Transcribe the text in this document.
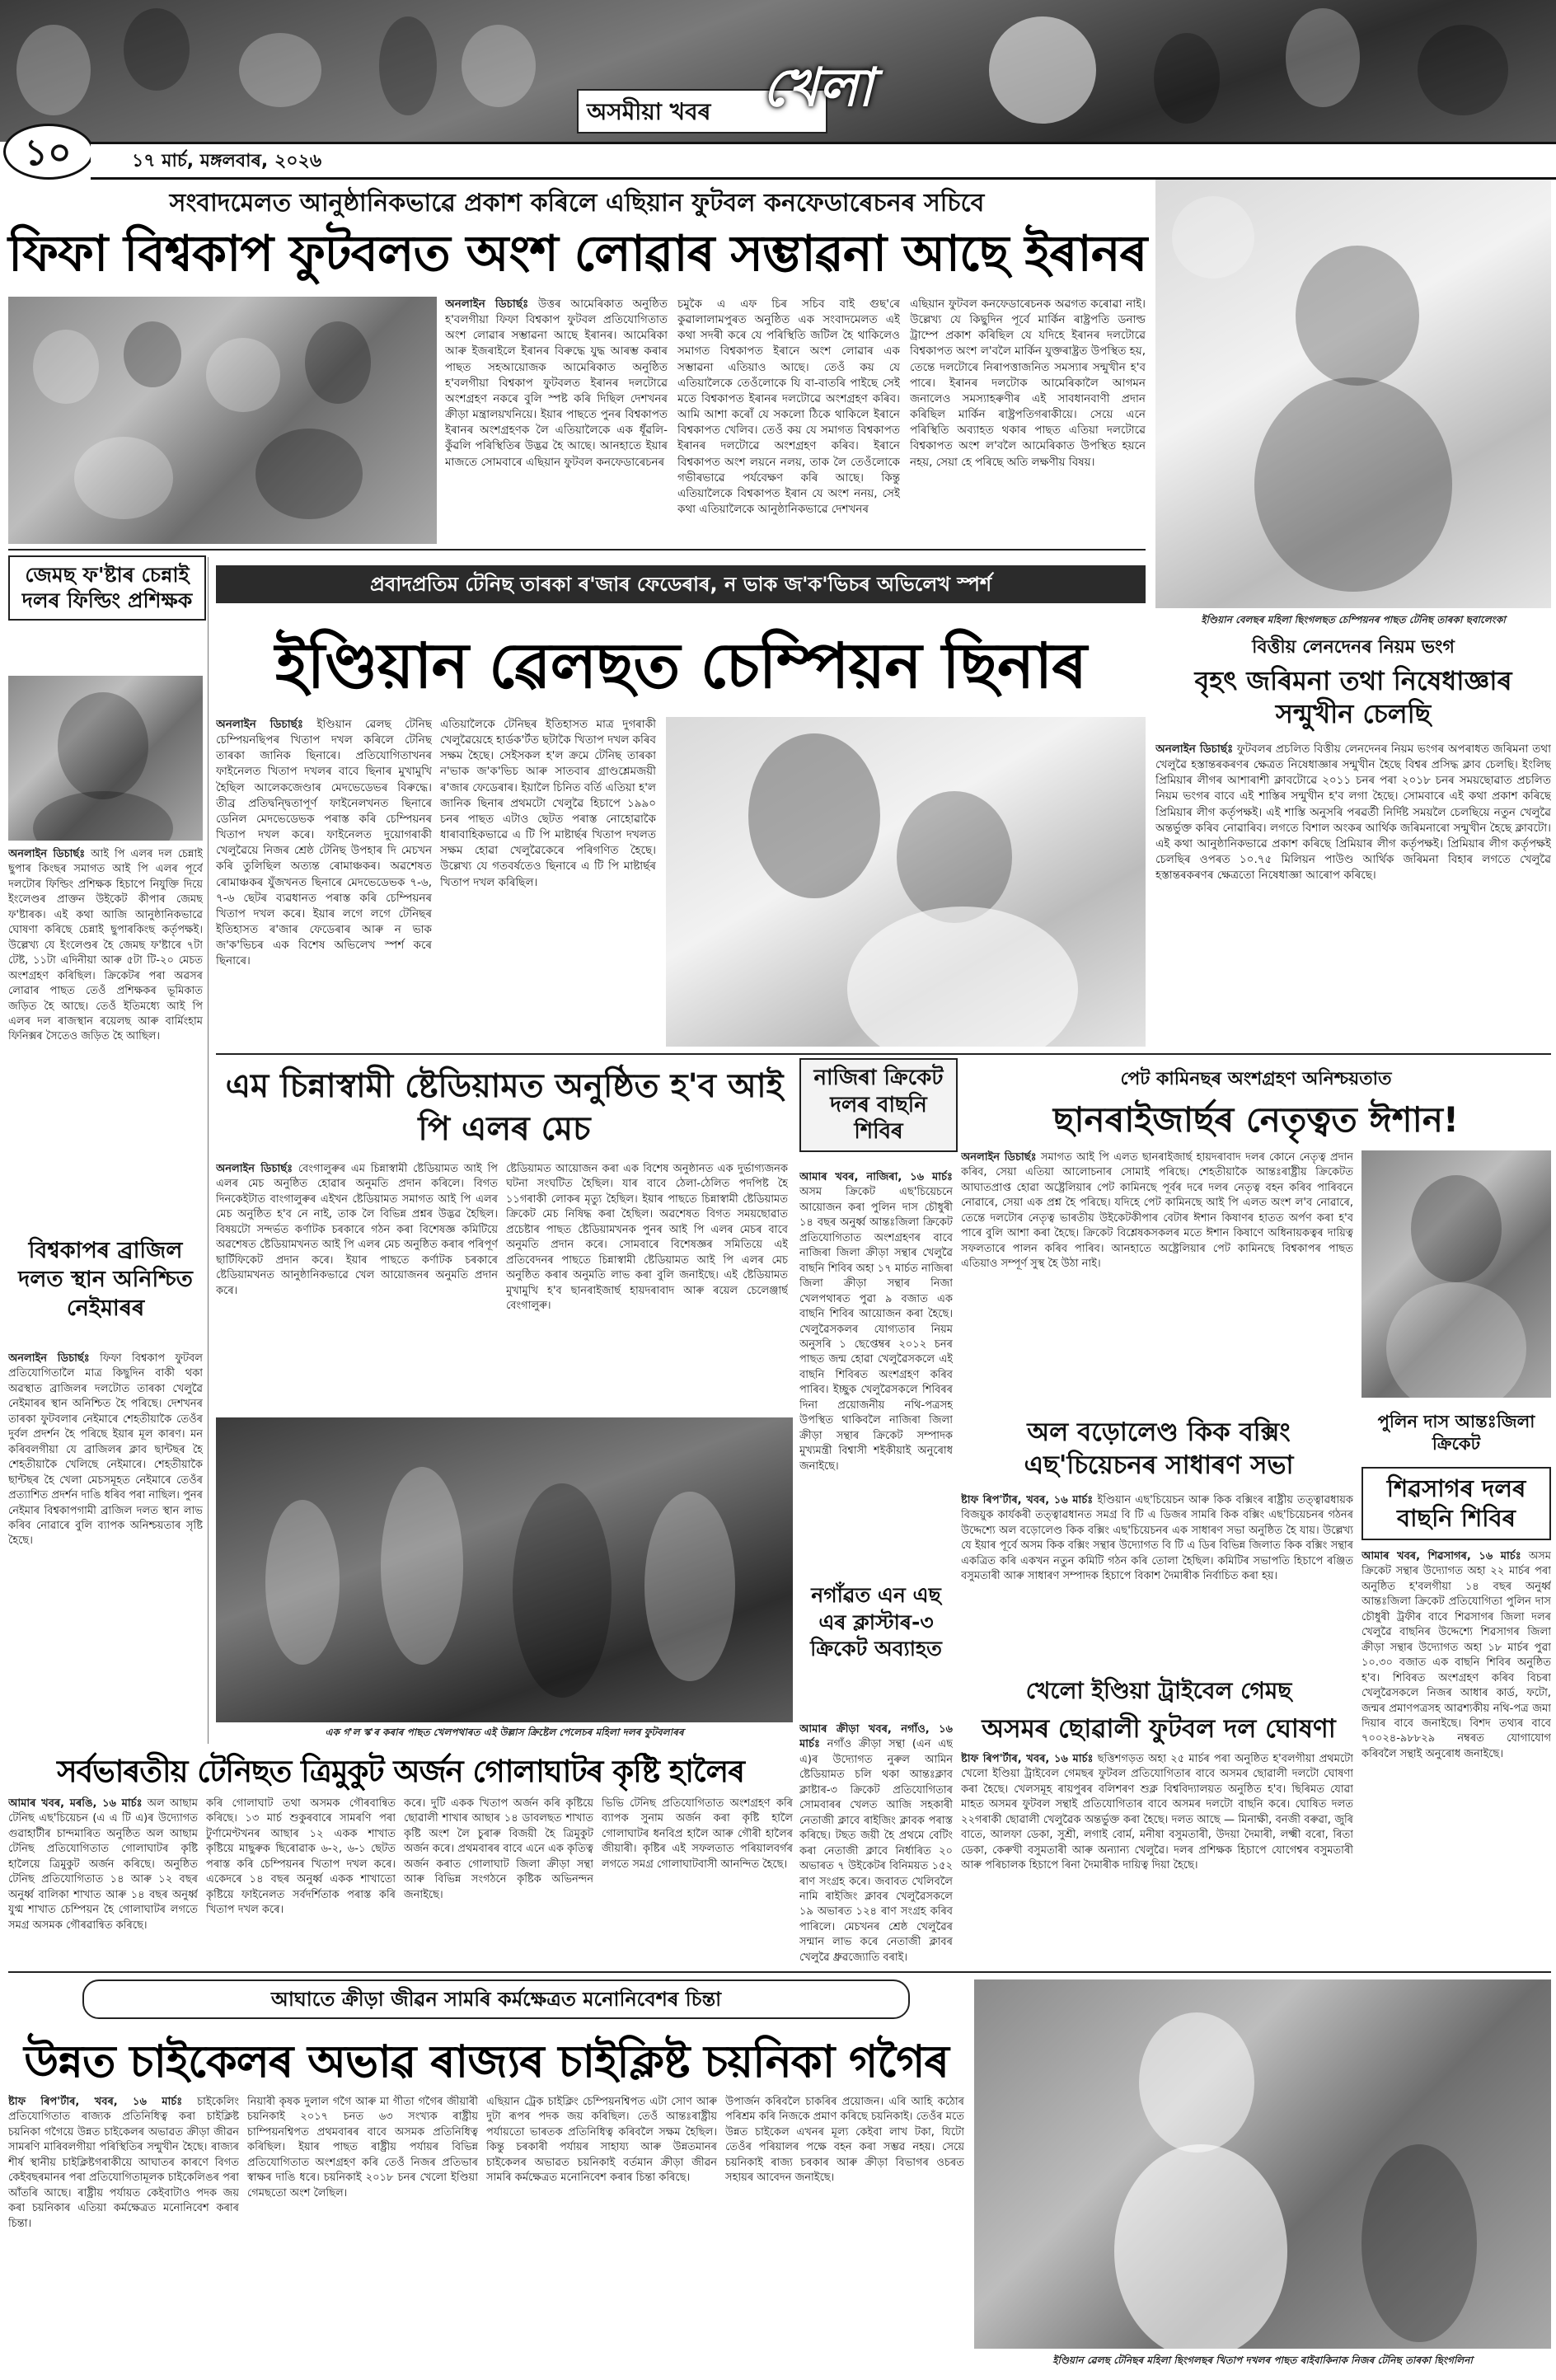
অসমীয়া খবৰ খেলা
১০	১৭ মাৰ্চ, মঙ্গলবাৰ, ২০২৬
সংবাদমেলত আনুষ্ঠানিকভাৱে প্ৰকাশ কৰিলে এছিয়ান ফুটবল কনফেডাৰেচনৰ সচিবে
ফিফা বিশ্বকাপ ফুটবলত অংশ লোৱাৰ সম্ভাৱনা আছে ইৰানৰ

অনলাইন ডিচাৰ্ছঃ উত্তৰ আমেৰিকাত অনুষ্ঠিত হ'বলগীয়া ফিফা বিশ্বকাপ ফুটবল প্ৰতিযোগিতাত অংশ লোৱাৰ সম্ভাৱনা আছে ইৰানৰ। আমেৰিকা আৰু ইজৰাইলে ইৰানৰ বিৰুদ্ধে যুদ্ধ আৰম্ভ কৰাৰ পাছত সহআয়োজক আমেৰিকাত অনুষ্ঠিত হ'বলগীয়া বিশ্বকাপ ফুটবলত ইৰানৰ দলটোৱে অংশগ্ৰহণ নকৰে বুলি স্পষ্ট কৰি দিছিল দেশখনৰ ক্ৰীড়া মন্ত্ৰালয়খনিয়ে। ইয়াৰ পাছতে পুনৰ বিশ্বকাপত ইৰানৰ অংশগ্ৰহণক লৈ এতিয়ালৈকে এক ধূঁৱলি-কুঁৱলি পৰিস্থিতিৰ উদ্ভৱ হৈ আছে। আনহাতে ইয়াৰ মাজতে সোমবাৰে এছিয়ান ফুটবল কনফেডাৰেচনৰ

চমুকৈ এ এফ চিৰ সচিব বাই গুছ'ৰে কুৱালালামপুৰত অনুষ্ঠিত এক সংবাদমেলত এই কথা সদৰী কৰে যে পৰিস্থিতি জটিল হৈ থাকিলেও সমাগত বিশ্বকাপত ইৰানে অংশ লোৱাৰ এক সম্ভাৱনা এতিয়াও আছে। তেওঁ কয় যে এতিয়ালৈকে তেওঁলোকে যি বা-বাতৰি পাইছে সেই মতে বিশ্বকাপত ইৰানৰ দলটোৱে অংশগ্ৰহণ কৰিব। আমি আশা কৰোঁ যে সকলো ঠিকে থাকিলে ইৰানে বিশ্বকাপত খেলিব। তেওঁ কয় যে সমাগত বিশ্বকাপত ইৰানৰ দলটোৱে অংশগ্ৰহণ কৰিব। ইৰানে বিশ্বকাপত অংশ লয়নে নলয়, তাক লৈ তেওঁলোকে গভীৰভাৱে পৰ্যবেক্ষণ কৰি আছে। কিন্তু এতিয়ালৈকে বিশ্বকাপত ইৰান যে অংশ ননয়, সেই কথা এতিয়ালৈকে আনুষ্ঠানিকভাৱে দেশখনৰ

এছিয়ান ফুটবল কনফেডাৰেচনক অৱগত কৰোৱা নাই। উল্লেখ্য যে কিছুদিন পূৰ্বে মাৰ্কিন ৰাষ্ট্ৰপতি ডনাল্ড ট্ৰাম্পে প্ৰকাশ কৰিছিল যে যদিহে ইৰানৰ দলটোৱে বিশ্বকাপত অংশ ল'বলৈ মাৰ্কিন যুক্তৰাষ্ট্ৰত উপস্থিত হয়, তেন্তে দলটোৰে নিৰাপত্তাজনিত সমস্যাৰ সন্মুখীন হ'ব পাৰে। ইৰানৰ দলটোক আমেৰিকালৈ আগমন জনালেও সমস্যাহৰুণীৰ এই সাবধানবাণী প্ৰদান কৰিছিল মাৰ্কিন ৰাষ্ট্ৰপতিগৰাকীয়ে। সেয়ে এনে পৰিস্থিতি অব্যাহত থকাৰ পাছত এতিয়া দলটোৱে বিশ্বকাপত অংশ ল'বলৈ আমেৰিকাত উপস্থিত হয়নে নহয়, সেয়া হে পৰিছে অতি লক্ষণীয় বিষয়।

ইণ্ডিয়ান বেলছৰ মহিলা ছিংগলছত চেম্পিয়নৰ পাছত টেনিছ তাৰকা ছবালেংকা
জেমছ ফ'ষ্টাৰ চেন্নাই দলৰ ফিল্ডিং প্ৰশিক্ষক

অনলাইন ডিচাৰ্ছঃ আই পি এলৰ দল চেন্নাই ছুপাৰ কিংছৰ সমাগত আই পি এলৰ পূৰ্বে দলটোৰ ফিল্ডিং প্ৰশিক্ষক হিচাপে নিযুক্তি দিয়ে ইংলেণ্ডৰ প্ৰাক্তন উইকেট কীপাৰ জেমছ ফ'ষ্টাৰক। এই কথা আজি আনুষ্ঠানিকভাৱে ঘোষণা কৰিছে চেন্নাই ছুপাৰকিংছ কৰ্তৃপক্ষই। উল্লেখ্য যে ইংলেণ্ডৰ হৈ জেমছ ফ'ষ্টাৰে ৭টা টেষ্ট, ১১টা এদিনীয়া আৰু ৫টা টি-২০ মেচত অংশগ্ৰহণ কৰিছিল। ক্ৰিকেটৰ পৰা অৱসৰ লোৱাৰ পাছত তেওঁ প্ৰশিক্ষকৰ ভূমিকাত জড়িত হৈ আছে। তেওঁ ইতিমধ্যে আই পি এলৰ দল ৰাজস্থান ৰয়েলছ আৰু বাৰ্মিংহাম ফিনিক্সৰ সৈতেও জড়িত হৈ আছিল।

বিশ্বকাপৰ ব্ৰাজিল দলত স্থান অনিশ্চিত নেইমাৰৰ

অনলাইন ডিচাৰ্ছঃ ফিফা বিশ্বকাপ ফুটবল প্ৰতিযোগিতালৈ মাত্ৰ কিছুদিন বাকী থকা অৱস্থাত ব্ৰাজিলৰ দলটোত তাৰকা খেলুৱৈ নেইমাৰৰ স্থান অনিশ্চিত হৈ পৰিছে। দেশখনৰ তাৰকা ফুটবলাৰ নেইমাৰে শেহতীয়াকৈ তেওঁৰ দুৰ্বল প্ৰদৰ্শন হৈ পৰিছে ইয়াৰ মূল কাৰণ। মন কৰিবলগীয়া যে ব্ৰাজিলৰ ক্লাব ছান্টছৰ হৈ শেহতীয়াকৈ খেলিছে নেইমাৰে। শেহতীয়াকৈ ছান্টছৰ হৈ খেলা মেচসমূহত নেইমাৰে তেওঁৰ প্ৰত্যাশিত প্ৰদৰ্শন দাঙি ধৰিব পৰা নাছিল। পুনৰ নেইমাৰ বিশ্বকাপগামী ব্ৰাজিল দলত স্থান লাভ কৰিব নোৱাৰে বুলি ব্যাপক অনিশ্চয়তাৰ সৃষ্টি হৈছে।

প্ৰবাদপ্ৰতিম টেনিছ তাৰকা ৰ'জাৰ ফেডেৰাৰ, ন ভাক জ'ক'ভিচৰ অভিলেখ স্পৰ্শ
ইণ্ডিয়ান ৱেলছত চেম্পিয়ন ছিনাৰ

অনলাইন ডিচাৰ্ছঃ ইণ্ডিয়ান ৱেলছ টেনিছ চেম্পিয়নছিপৰ খিতাপ দখল কৰিলে টেনিছ তাৰকা জানিক ছিনাৰে। প্ৰতিযোগিতাখনৰ ফাইনেলত খিতাপ দখলৰ বাবে ছিনাৰ মুখামুখি হৈছিল আলেকজেণ্ডাৰ মেদভেডেভৰ বিৰুদ্ধে। তীব্ৰ প্ৰতিদ্বন্দ্বিতাপূৰ্ণ ফাইনেলখনত ছিনাৰে ডেনিল মেদভেডেভক পৰাস্ত কৰি চেম্পিয়নৰ খিতাপ দখল কৰে। ফাইনেলত দুয়োগৰাকী খেলুৱৈয়ে নিজৰ শ্ৰেষ্ঠ টেনিছ উপহাৰ দি মেচখন কৰি তুলিছিল অত্যন্ত ৰোমাঞ্চকৰ। অৱশেষত ৰোমাঞ্চকৰ যুঁজখনত ছিনাৰে মেদভেডেভক ৭-৬, ৭-৬ ছেটৰ ব্যৱধানত পৰাস্ত কৰি চেম্পিয়নৰ খিতাপ দখল কৰে। ইয়াৰ লগে লগে টেনিছৰ ইতিহাসত ৰ'জাৰ ফেডেৰাৰ আৰু ন ভাক জ'ক'ভিচৰ এক বিশেষ অভিলেখ স্পৰ্শ কৰে ছিনাৰে।

এতিয়ালৈকে টেনিছৰ ইতিহাসত মাত্ৰ দুগৰাকী খেলুৱৈয়েহে হাৰ্ডক'ৰ্টত ছটাকৈ খিতাপ দখল কৰিব সক্ষম হৈছে। সেইসকল হ'ল ক্ৰমে টেনিছ তাৰকা ন'ভাক জ'ক'ভিচ আৰু সাতবাৰ গ্ৰাণ্ডশ্লেমজয়ী ৰ'জাৰ ফেডেৰাৰ। ইয়ালৈ চিনিত বৰ্তি এতিয়া হ'ল জানিক ছিনাৰ প্ৰথমটো খেলুৱৈ হিচাপে ১৯৯০ চনৰ পাছত এটাও ছেটত পৰাস্ত নোহোৱাকৈ ধাৰাবাহিকভাৱে এ টি পি মাষ্টাৰ্ছৰ খিতাপ দখলত সক্ষম হোৱা খেলুৱৈকেৰে পৰিগণিত হৈছে। উল্লেখ্য যে গতবৰ্ষতেও ছিনাৰে এ টি পি মাষ্টাৰ্ছৰ খিতাপ দখল কৰিছিল।

বিত্তীয় লেনদেনৰ নিয়ম ভংগ
বৃহৎ জৰিমনা তথা নিষেধাজ্ঞাৰ সন্মুখীন চেলছি

অনলাইন ডিচাৰ্ছঃ ফুটবলৰ প্ৰচলিত বিত্তীয় লেনদেনৰ নিয়ম ভংগৰ অপৰাধত জৰিমনা তথা খেলুৱৈ হস্তান্তৰকৰণৰ ক্ষেত্ৰত নিষেধাজ্ঞাৰ সন্মুখীন হৈছে বিশ্বৰ প্ৰসিদ্ধ ক্লাব চেলছি। ইংলিছ প্ৰিমিয়াৰ লীগৰ আশাৰাশী ক্লাবটোৱে ২০১১ চনৰ পৰা ২০১৮ চনৰ সময়ছোৱাত প্ৰচলিত নিয়ম ভংগৰ বাবে এই শাস্তিৰ সন্মুখীন হ'ব লগা হৈছে। সোমবাৰে এই কথা প্ৰকাশ কৰিছে প্ৰিমিয়াৰ লীগ কৰ্তৃপক্ষই। এই শাস্তি অনুসৰি পৰৱৰ্তী নিৰ্দিষ্ট সময়লৈ চেলছিয়ে নতুন খেলুৱৈ অন্তৰ্ভুক্ত কৰিব নোৱাৰিব। লগতে বিশাল অংকৰ আৰ্থিক জৰিমনাৰো সন্মুখীন হৈছে ক্লাবটো। এই কথা আনুষ্ঠানিকভাৱে প্ৰকাশ কৰিছে প্ৰিমিয়াৰ লীগ কৰ্তৃপক্ষই। প্ৰিমিয়াৰ লীগ কৰ্তৃপক্ষই চেলছিৰ ওপৰত ১০.৭৫ মিলিয়ন পাউণ্ড আৰ্থিক জৰিমনা বিহাৰ লগতে খেলুৱৈ হস্তান্তৰকৰণৰ ক্ষেত্ৰতো নিষেধাজ্ঞা আৰোপ কৰিছে।

এম চিন্নাস্বামী ষ্টেডিয়ামত অনুষ্ঠিত হ'ব আই পি এলৰ মেচ

অনলাইন ডিচাৰ্ছঃ বেংগালুৰুৰ এম চিন্নাস্বামী ষ্টেডিয়ামত আই পি এলৰ মেচ অনুষ্ঠিত হোৱাৰ অনুমতি প্ৰদান কৰিলে। বিগত দিনকেইটাত বাংগালুৰুৰ এইখন ষ্টেডিয়ামত সমাগত আই পি এলৰ মেচ অনুষ্ঠিত হ'ব নে নাই, তাক লৈ বিভিন্ন প্ৰশ্নৰ উদ্ভৱ হৈছিল। বিষয়টো সন্দৰ্ভত কৰ্ণাটক চৰকাৰে গঠন কৰা বিশেষজ্ঞ কমিটিয়ে অৱশেষত ষ্টেডিয়ামখনত আই পি এলৰ মেচ অনুষ্ঠিত কৰাৰ পৰিপূৰ্ণ ছাৰ্টিফিকেট প্ৰদান কৰে। ইয়াৰ পাছতে কৰ্ণাটক চৰকাৰে ষ্টেডিয়ামখনত আনুষ্ঠানিকভাৱে খেল আয়োজনৰ অনুমতি প্ৰদান কৰে।

ষ্টেডিয়ামত আয়োজন কৰা এক বিশেষ অনুষ্ঠানত এক দুৰ্ভাগ্যজনক ঘটনা সংঘটিত হৈছিল। যাৰ বাবে ঠেলা-ঠেলিত পদপিষ্ট হৈ ১১গৰাকী লোকৰ মৃত্যু হৈছিল। ইয়াৰ পাছতে চিন্নাস্বামী ষ্টেডিয়ামত ক্ৰিকেট মেচ নিষিদ্ধ কৰা হৈছিল। অৱশেষত বিগত সময়ছোৱাত প্ৰচেষ্টাৰ পাছত ষ্টেডিয়ামখনক পুনৰ আই পি এলৰ মেচৰ বাবে অনুমতি প্ৰদান কৰে। সোমবাৰে বিশেষজ্ঞৰ সমিতিয়ে এই প্ৰতিবেদনৰ পাছতে চিন্নাস্বামী ষ্টেডিয়ামত আই পি এলৰ মেচ অনুষ্ঠিত কৰাৰ অনুমতি লাভ কৰা বুলি জনাইছে। এই ষ্টেডিয়ামত মুখামুখি হ'ব ছানৰাইজাৰ্ছ হায়দৰাবাদ আৰু ৰয়েল চেলেঞ্জাৰ্ছ বেংগালুৰু।

নাজিৰা ক্ৰিকেট দলৰ বাছনি শিবিৰ

আমাৰ খবৰ, নাজিৰা, ১৬ মাৰ্চঃ অসম ক্ৰিকেট এছ'চিয়েচনে আয়োজন কৰা পুলিন দাস চৌধুৰী ১৪ বছৰ অনুৰ্ধ্ব আন্তঃজিলা ক্ৰিকেট প্ৰতিযোগিতাত অংশগ্ৰহণৰ বাবে নাজিৰা জিলা ক্ৰীড়া সন্থাৰ খেলুৱৈ বাছনি শিবিৰ অহা ১৭ মাৰ্চত নাজিৰা জিলা ক্ৰীড়া সন্থাৰ নিজা খেলপথাৰত পুৱা ৯ বজাত এক বাছনি শিবিৰ আয়োজন কৰা হৈছে। খেলুৱৈসকলৰ যোগ্যতাৰ নিয়ম অনুসৰি ১ ছেপ্তেম্বৰ ২০১২ চনৰ পাছত জন্ম হোৱা খেলুৱৈসকলে এই বাছনি শিবিৰত অংশগ্ৰহণ কৰিব পাৰিব। ইচ্ছুক খেলুৱৈসকলে শিবিৰৰ দিনা প্ৰয়োজনীয় নথি-পত্ৰসহ উপস্থিত থাকিবলৈ নাজিৰা জিলা ক্ৰীড়া সন্থাৰ ক্ৰিকেট সম্পাদক মুখ্যমন্ত্ৰী বিশ্বাসী শইকীয়াই অনুৰোধ জনাইছে।

পেট কামিনছৰ অংশগ্ৰহণ অনিশ্চয়তাত
ছানৰাইজাৰ্ছৰ নেতৃত্বত ঈশান!

অনলাইন ডিচাৰ্ছঃ সমাগত আই পি এলত ছানৰাইজাৰ্ছ হায়দৰাবাদ দলৰ কোনে নেতৃত্ব প্ৰদান কৰিব, সেয়া এতিয়া আলোচনাৰ সোমাই পৰিছে। শেহতীয়াকৈ আন্তঃৰাষ্ট্ৰীয় ক্ৰিকেটত আঘাতপ্ৰাপ্ত হোৱা অষ্ট্ৰেলিয়াৰ পেট কামিনছে পূৰ্বৰ দৰে দলৰ নেতৃত্ব বহন কৰিব পাৰিবনে নোৱাৰে, সেয়া এক প্ৰশ্ন হৈ পৰিছে। যদিহে পেট কামিনছে আই পি এলত অংশ ল'ব নোৱাৰে, তেন্তে দলটোৰ নেতৃত্ব ভাৰতীয় উইকেটকীপাৰ বেটাৰ ঈশান কিষাণৰ হাতত অৰ্পণ কৰা হ'ব পাৰে বুলি আশা কৰা হৈছে। ক্ৰিকেট বিশ্লেষকসকলৰ মতে ঈশান কিষাণে অধিনায়কত্বৰ দায়িত্ব সফলতাৰে পালন কৰিব পাৰিব। আনহাতে অষ্ট্ৰেলিয়াৰ পেট কামিনছে বিশ্বকাপৰ পাছত এতিয়াও সম্পূৰ্ণ সুস্থ হৈ উঠা নাই।

এক গ'ল স্ক'ৰ কৰাৰ পাছত খেলপথাৰত এই উল্লাস ক্ৰিষ্টেল পেলেচৰ মহিলা দলৰ ফুটবলাৰৰ
নগাঁৱত এন এছ এৰ ক্লাস্টাৰ-৩ ক্ৰিকেট অব্যাহত

আমাৰ ক্ৰীড়া খবৰ, নগাঁও, ১৬ মাৰ্চঃ নগাঁও ক্ৰীড়া সন্থা (এন এছ এ)ৰ উদ্যোগত নুৰুল আমিন ষ্টেডিয়ামত চলি থকা আন্তঃক্লাব ক্লাষ্টাৰ-৩ ক্ৰিকেট প্ৰতিযোগিতাৰ সোমবাৰৰ খেলত আজি সহকাৰী নেতাজী ক্লাবে ৰাইজিং ক্লাবক পৰাস্ত কৰিছে। টছত জয়ী হৈ প্ৰথমে বেটিং কৰা নেতাজী ক্লাবে নিৰ্ধাৰিত ২০ অভাৰত ৭ উইকেটৰ বিনিময়ত ১৫২ ৰাণ সংগ্ৰহ কৰে। জবাবত খেলিবলৈ নামি ৰাইজিং ক্লাবৰ খেলুৱৈসকলে ১৯ অভাৰত ১২৪ ৰাণ সংগ্ৰহ কৰিব পাৰিলে। মেচখনৰ শ্ৰেষ্ঠ খেলুৱৈৰ সন্মান লাভ কৰে নেতাজী ক্লাবৰ খেলুৱৈ ধ্ৰুৱজ্যোতি বৰাই।

অল বড়োলেণ্ড কিক বক্সিং এছ'চিয়েচনৰ সাধাৰণ সভা

ষ্টাফ ৰিপ'ৰ্টাৰ, খবৰ, ১৬ মাৰ্চঃ ইণ্ডিয়ান এছ'চিয়েচন আৰু কিক বক্সিংৰ ৰাষ্ট্ৰীয় তত্ত্বাৱধায়ক বিজয়ুক কাৰ্যকৰী তত্ত্বাৱধানত সমগ্ৰ বি টি এ ডিজৰ সামৰি কিক বক্সিং এছ'চিয়েচনৰ গঠনৰ উদ্দেশ্যে অল বড়োলেণ্ড কিক বক্সিং এছ'চিয়েচনৰ এক সাধাৰণ সভা অনুষ্ঠিত হৈ যায়। উল্লেখ্য যে ইয়াৰ পূৰ্বে অসম কিক বক্সিং সন্থাৰ উদ্যোগত বি টি এ ডিৰ বিভিন্ন জিলাত কিক বক্সিং সন্থাৰ একত্ৰিত কৰি একখন নতুন কমিটি গঠন কৰি তোলা হৈছিল। কমিটিৰ সভাপতি হিচাপে ৰঞ্জিত বসুমতাৰী আৰু সাধাৰণ সম্পাদক হিচাপে বিকাশ দৈমাৰীক নিৰ্বাচিত কৰা হয়।

পুলিন দাস আন্তঃজিলা ক্ৰিকেট
শিৱসাগৰ দলৰ বাছনি শিবিৰ

আমাৰ খবৰ, শিৱসাগৰ, ১৬ মাৰ্চঃ অসম ক্ৰিকেট সন্থাৰ উদ্যোগত অহা ২২ মাৰ্চৰ পৰা অনুষ্ঠিত হ'বলগীয়া ১৪ বছৰ অনুৰ্ধ্ব আন্তঃজিলা ক্ৰিকেট প্ৰতিযোগিতা পুলিন দাস চৌধুৰী ট্ৰফীৰ বাবে শিৱসাগৰ জিলা দলৰ খেলুৱৈ বাছনিৰ উদ্দেশ্যে শিৱসাগৰ জিলা ক্ৰীড়া সন্থাৰ উদ্যোগত অহা ১৮ মাৰ্চৰ পুৱা ১০.৩০ বজাত এক বাছনি শিবিৰ অনুষ্ঠিত হ'ব। শিবিৰত অংশগ্ৰহণ কৰিব বিচৰা খেলুৱৈসকলে নিজৰ আধাৰ কাৰ্ড, ফটো, জন্মৰ প্ৰমাণপত্ৰসহ আৱশ্যকীয় নথি-পত্ৰ জমা দিয়াৰ বাবে জনাইছে। বিশদ তথ্যৰ বাবে ৭০০২৪-৯৮৮২৯ নম্বৰত যোগাযোগ কৰিবলৈ সন্থাই অনুৰোধ জনাইছে।

খেলো ইণ্ডিয়া ট্ৰাইবেল গেমছ
অসমৰ ছোৱালী ফুটবল দল ঘোষণা

ষ্টাফ ৰিপ'ৰ্টাৰ, খবৰ, ১৬ মাৰ্চঃ ছত্তিশগড়ত অহা ২৫ মাৰ্চৰ পৰা অনুষ্ঠিত হ'বলগীয়া প্ৰথমটো খেলো ইণ্ডিয়া ট্ৰাইবেল গেমছৰ ফুটবল প্ৰতিযোগিতাৰ বাবে অসমৰ ছোৱালী দলটো ঘোষণা কৰা হৈছে। খেলসমূহ ৰায়পুৰৰ বলিশৰণ শুক্ল বিশ্ববিদ্যালয়ত অনুষ্ঠিত হ'ব। ছিৰিমত যোৱা মাহত অসমৰ ফুটবল সন্থাই প্ৰতিযোগিতাৰ বাবে অসমৰ দলটো বাছনি কৰে। ঘোষিত দলত ২২গৰাকী ছোৱালী খেলুৱৈক অন্তৰ্ভুক্ত কৰা হৈছে। দলত আছে — মিনাক্ষী, বনজী বৰুৱা, জুৰি বাতে, আলফা ডেকা, সুশ্ৰী, লগাই বোৰ্ম, মনীষা বসুমতাৰী, উদয়া দৈমাৰী, লক্ষ্মী বৰো, ৰিতা ডেকা, কেৰুখী বসুমতাৰী আৰু অন্যান্য খেলুৱৈ। দলৰ প্ৰশিক্ষক হিচাপে যোগেশ্বৰ বসুমতাৰী আৰু পৰিচালক হিচাপে ৰিনা দৈমাৰীক দায়িত্ব দিয়া হৈছে।

সৰ্বভাৰতীয় টেনিছত ত্ৰিমুকুট অৰ্জন গোলাঘাটৰ কৃষ্টি হালৈৰ

আমাৰ খবৰ, মৰঙি, ১৬ মাৰ্চঃ অল আছাম টেনিছ এছ'চিয়েচন (এ এ টি এ)ৰ উদ্যোগত গুৱাহাটীৰ চান্দমাৰিত অনুষ্ঠিত অল আছাম টেনিছ প্ৰতিযোগিতাত গোলাঘাটৰ কৃষ্টি হালৈয়ে ত্ৰিমুকুট অৰ্জন কৰিছে। অনুষ্ঠিত টেনিছ প্ৰতিযোগিতাত ১৪ আৰু ১২ বছৰ অনুৰ্ধ্ব বালিকা শাখাত আৰু ১৪ বছৰ অনুৰ্ধ্ব যুগ্ম শাখাত চেম্পিয়ন হৈ গোলাঘাটৰ লগতে সমগ্ৰ অসমক গৌৰৱান্বিত কৰিছে।

কৰি গোলাঘাট তথা অসমক গৌৰবান্বিত কৰিছে। ১৩ মাৰ্চ শুকুৰবাৰে সামৰণি পৰা টুৰ্ণামেণ্টখনৰ আছাৰ ১২ একক শাখাত কৃষ্টিয়ে মাছুৰুক ছিৰোৱাক ৬-২, ৬-১ ছেটত পৰাস্ত কৰি চেম্পিয়নৰ খিতাপ দখল কৰে। একেদৰে ১৪ বছৰ অনুৰ্ধ্ব একক শাখাতো কৃষ্টিয়ে ফাইনেলত সৰ্বদৰ্শিতাক পৰাস্ত কৰি খিতাপ দখল কৰে।

কৰে। দুটি একক খিতাপ অৰ্জন কৰি কৃষ্টিয়ে ছোৱালী শাখাৰ আছাৰ ১৪ ডাবলছত শাখাত কৃষ্টি অংশ লৈ চুৰাৰু বিজয়ী হৈ ত্ৰিমুকুট অৰ্জন কৰে। প্ৰথমবাৰৰ বাবে এনে এক কৃতিত্ব অৰ্জন কৰাত গোলাঘাট জিলা ক্ৰীড়া সন্থা আৰু বিভিন্ন সংগঠনে কৃষ্টিক অভিনন্দন জনাইছে।

ভিভি টেনিছ প্ৰতিযোগিতাত অংশগ্ৰহণ কৰি ব্যাপক সুনাম অৰ্জন কৰা কৃষ্টি হালৈ গোলাঘাটৰ ধনবিপ্ৰ হালৈ আৰু গৌৰী হালৈৰ জীয়াৰী। কৃষ্টিৰ এই সফলতাত পৰিয়ালবৰ্গৰ লগতে সমগ্ৰ গোলাঘাটবাসী আনন্দিত হৈছে।

আঘাতে ক্ৰীড়া জীৱন সামৰি কৰ্মক্ষেত্ৰত মনোনিবেশৰ চিন্তা
উন্নত চাইকেলৰ অভাৱ ৰাজ্যৰ চাইক্লিষ্ট চয়নিকা গগৈৰ

ষ্টাফ ৰিপ'ৰ্টাৰ, খবৰ, ১৬ মাৰ্চঃ চাইকেলিং প্ৰতিযোগিতাত ৰাজ্যক প্ৰতিনিধিত্ব কৰা চাইক্লিষ্ট চয়নিকা গগৈয়ে উন্নত চাইকেলৰ অভাৱত ক্ৰীড়া জীৱন সামৰণি মাৰিবলগীয়া পৰিস্থিতিৰ সন্মুখীন হৈছে। ৰাজ্যৰ শীৰ্ষ স্থানীয় চাইক্লিষ্টগৰাকীয়ে আঘাতৰ কাৰণে বিগত কেইবছৰমানৰ পৰা প্ৰতিযোগিতামূলক চাইকেলিঙৰ পৰা আঁতৰি আছে। ৰাষ্ট্ৰীয় পৰ্যায়ত কেইবাটাও পদক জয় কৰা চয়নিকাৰ এতিয়া কৰ্মক্ষেত্ৰত মনোনিবেশ কৰাৰ চিন্তা।

নিয়াৰী কৃষক দুলাল গগৈ আৰু মা গীতা গগৈৰ জীয়াৰী চয়নিকাই ২০১৭ চনত ৬৩ সংখ্যক ৰাষ্ট্ৰীয় চাম্পিয়নশ্বিপত প্ৰথমবাৰৰ বাবে অসমক প্ৰতিনিধিত্ব কৰিছিল। ইয়াৰ পাছত ৰাষ্ট্ৰীয় পৰ্যায়ৰ বিভিন্ন প্ৰতিযোগিতাত অংশগ্ৰহণ কৰি তেওঁ নিজৰ প্ৰতিভাৰ স্বাক্ষৰ দাঙি ধৰে। চয়নিকাই ২০১৮ চনৰ খেলো ইণ্ডিয়া গেমছতো অংশ লৈছিল।

এছিয়ান ট্ৰেক চাইক্লিং চেম্পিয়নশ্বিপত এটা সোণ আৰু দুটা ৰূপৰ পদক জয় কৰিছিল। তেওঁ আন্তঃৰাষ্ট্ৰীয় পৰ্যায়তো ভাৰতক প্ৰতিনিধিত্ব কৰিবলৈ সক্ষম হৈছিল। কিন্তু চৰকাৰী পৰ্যায়ৰ সাহায্য আৰু উন্নতমানৰ চাইকেলৰ অভাৱত চয়নিকাই বৰ্তমান ক্ৰীড়া জীৱন সামৰি কৰ্মক্ষেত্ৰত মনোনিবেশ কৰাৰ চিন্তা কৰিছে।

উপাৰ্জন কৰিবলৈ চাকৰিৰ প্ৰয়োজন। এৰি আহি কঠোৰ পৰিশ্ৰম কৰি নিজকে প্ৰমাণ কৰিছে চয়নিকাই। তেওঁৰ মতে উন্নত চাইকেল এখনৰ মূল্য কেইবা লাখ টকা, যিটো তেওঁৰ পৰিয়ালৰ পক্ষে বহন কৰা সম্ভৱ নহয়। সেয়ে চয়নিকাই ৰাজ্য চৰকাৰ আৰু ক্ৰীড়া বিভাগৰ ওচৰত সহায়ৰ আবেদন জনাইছে।

ইণ্ডিয়ান ৱেলছ টেনিছৰ মহিলা ছিংগলছৰ খিতাপ দখলৰ পাছত ৰাইবাকিনাক নিজৰ টেনিছ তাৰকা ছিংগলিনা
